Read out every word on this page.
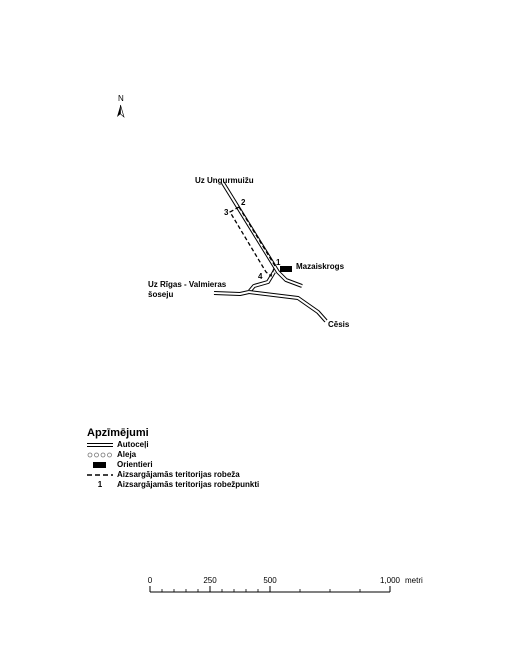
N
1
2
3
4
Uz Ungurmuižu
Mazaiskrogs
Uz Rīgas - Valmieras
šoseju
Cēsis
0	250	500	1,000 metri
Apzīmējumi
Autoceļi
Aleja
Orientieri
Aizsargājamās teritorijas robeža
1	Aizsargājamās teritorijas robežpunkti
